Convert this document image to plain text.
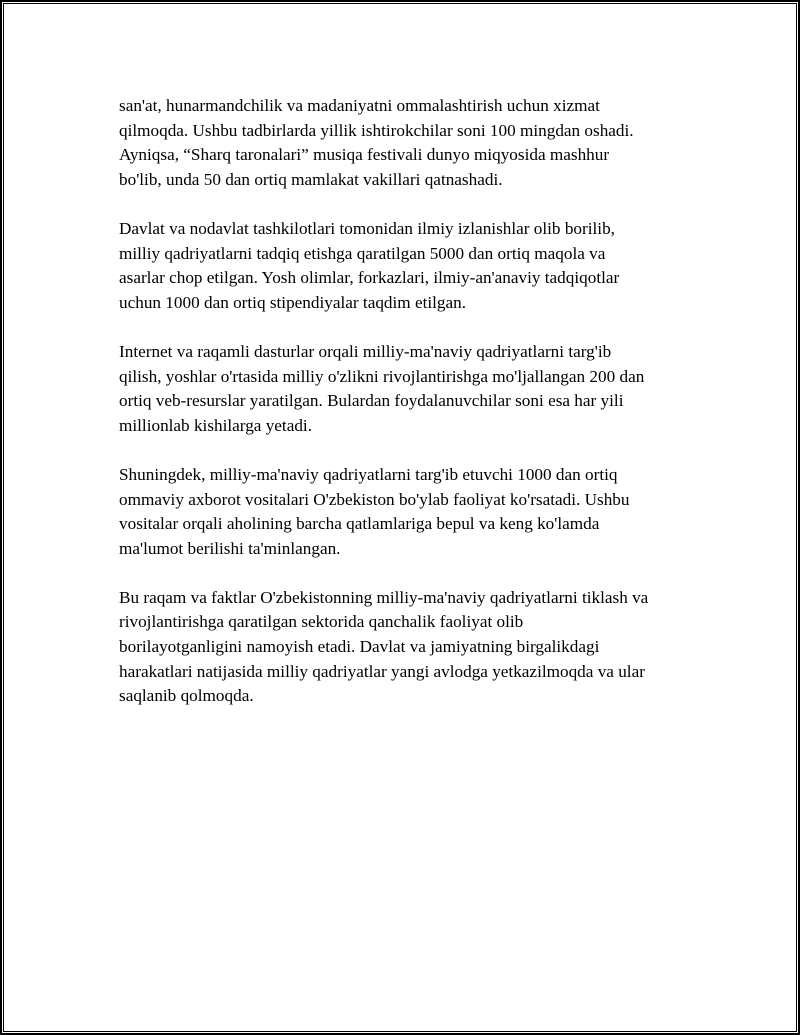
san'at, hunarmandchilik va madaniyatni ommalashtirish uchun xizmat
qilmoqda. Ushbu tadbirlarda yillik ishtirokchilar soni 100 mingdan oshadi.
Ayniqsa, “Sharq taronalari” musiqa festivali dunyo miqyosida mashhur
bo'lib, unda 50 dan ortiq mamlakat vakillari qatnashadi.

Davlat va nodavlat tashkilotlari tomonidan ilmiy izlanishlar olib borilib,
milliy qadriyatlarni tadqiq etishga qaratilgan 5000 dan ortiq maqola va
asarlar chop etilgan. Yosh olimlar, forkazlari, ilmiy-an'anaviy tadqiqotlar
uchun 1000 dan ortiq stipendiyalar taqdim etilgan.

Internet va raqamli dasturlar orqali milliy-ma'naviy qadriyatlarni targ'ib
qilish, yoshlar o'rtasida milliy o'zlikni rivojlantirishga mo'ljallangan 200 dan
ortiq veb-resurslar yaratilgan. Bulardan foydalanuvchilar soni esa har yili
millionlab kishilarga yetadi.

Shuningdek, milliy-ma'naviy qadriyatlarni targ'ib etuvchi 1000 dan ortiq
ommaviy axborot vositalari O'zbekiston bo'ylab faoliyat ko'rsatadi. Ushbu
vositalar orqali aholining barcha qatlamlariga bepul va keng ko'lamda
ma'lumot berilishi ta'minlangan.

Bu raqam va faktlar O'zbekistonning milliy-ma'naviy qadriyatlarni tiklash va
rivojlantirishga qaratilgan sektorida qanchalik faoliyat olib
borilayotganligini namoyish etadi. Davlat va jamiyatning birgalikdagi
harakatlari natijasida milliy qadriyatlar yangi avlodga yetkazilmoqda va ular
saqlanib qolmoqda.
